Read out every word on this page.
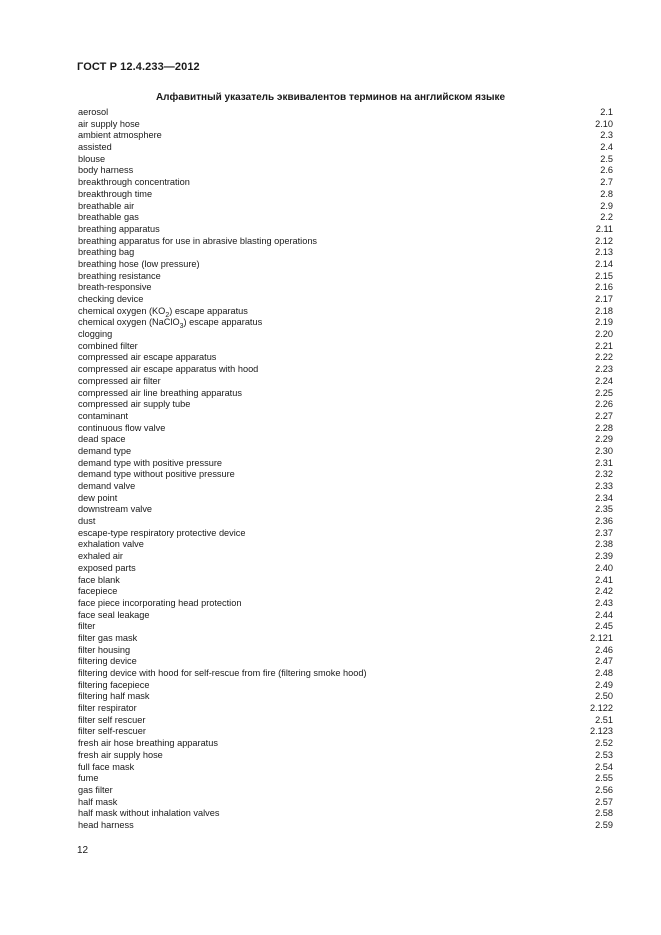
ГОСТ Р 12.4.233—2012
Алфавитный указатель эквивалентов терминов на английском языке
aerosol	2.1
air supply hose	2.10
ambient atmosphere	2.3
assisted	2.4
blouse	2.5
body harness	2.6
breakthrough concentration	2.7
breakthrough time	2.8
breathable air	2.9
breathable gas	2.2
breathing apparatus	2.11
breathing apparatus for use in abrasive blasting operations	2.12
breathing bag	2.13
breathing hose (low pressure)	2.14
breathing resistance	2.15
breath-responsive	2.16
checking device	2.17
chemical oxygen $(KO_2)$ escape apparatus	2.18
chemical oxygen (NaClO$_3$) escape apparatus	2.19
clogging	2.20
combined filter	2.21
compressed air escape apparatus	2.22
compressed air escape apparatus with hood	2.23
compressed air filter	2.24
compressed air line breathing apparatus	2.25
compressed air supply tube	2.26
contaminant	2.27
continuous flow valve	2.28
dead space	2.29
demand type	2.30
demand type with positive pressure	2.31
demand type without positive pressure	2.32
demand valve	2.33
dew point	2.34
downstream valve	2.35
dust	2.36
escape-type respiratory protective device	2.37
exhalation valve	2.38
exhaled air	2.39
exposed parts	2.40
face blank	2.41
facepiece	2.42
face piece incorporating head protection	2.43
face seal leakage	2.44
filter	2.45
filter gas mask	2.121
filter housing	2.46
filtering device	2.47
filtering device with hood for self-rescue from fire (filtering smoke hood)	2.48
filtering facepiece	2.49
filtering half mask	2.50
filter respirator	2.122
filter self rescuer	2.51
filter self-rescuer	2.123
fresh air hose breathing apparatus	2.52
fresh air supply hose	2.53
full face mask	2.54
fume	2.55
gas filter	2.56
half mask	2.57
half mask without inhalation valves	2.58
head harness	2.59
12
